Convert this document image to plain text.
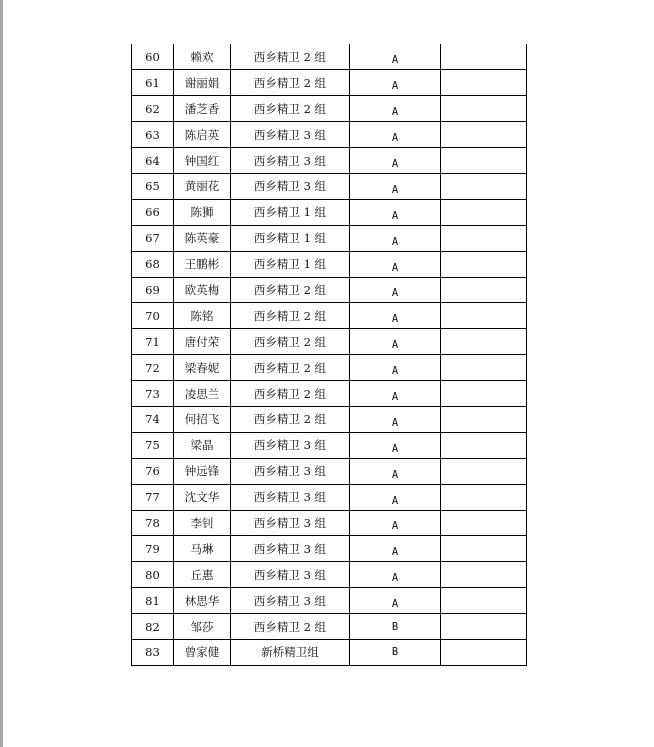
60	赖欢	西乡精卫 2 组	A	
61	谢丽娟	西乡精卫 2 组	A	
62	潘芝香	西乡精卫 2 组	A	
63	陈启英	西乡精卫 3 组	A	
64	钟国红	西乡精卫 3 组	A	
65	黄丽花	西乡精卫 3 组	A	
66	陈狮	西乡精卫 1 组	A	
67	陈英豪	西乡精卫 1 组	A	
68	王鹏彬	西乡精卫 1 组	A	
69	欧英梅	西乡精卫 2 组	A	
70	陈铭	西乡精卫 2 组	A	
71	唐付荣	西乡精卫 2 组	A	
72	梁春妮	西乡精卫 2 组	A	
73	凌思兰	西乡精卫 2 组	A	
74	何招飞	西乡精卫 2 组	A	
75	梁晶	西乡精卫 3 组	A	
76	钟远锋	西乡精卫 3 组	A	
77	沈文华	西乡精卫 3 组	A	
78	李钊	西乡精卫 3 组	A	
79	马琳	西乡精卫 3 组	A	
80	丘惠	西乡精卫 3 组	A	
81	林思华	西乡精卫 3 组	A	
82	邹莎	西乡精卫 2 组	B	
83	曾家健	新桥精卫组	B	
